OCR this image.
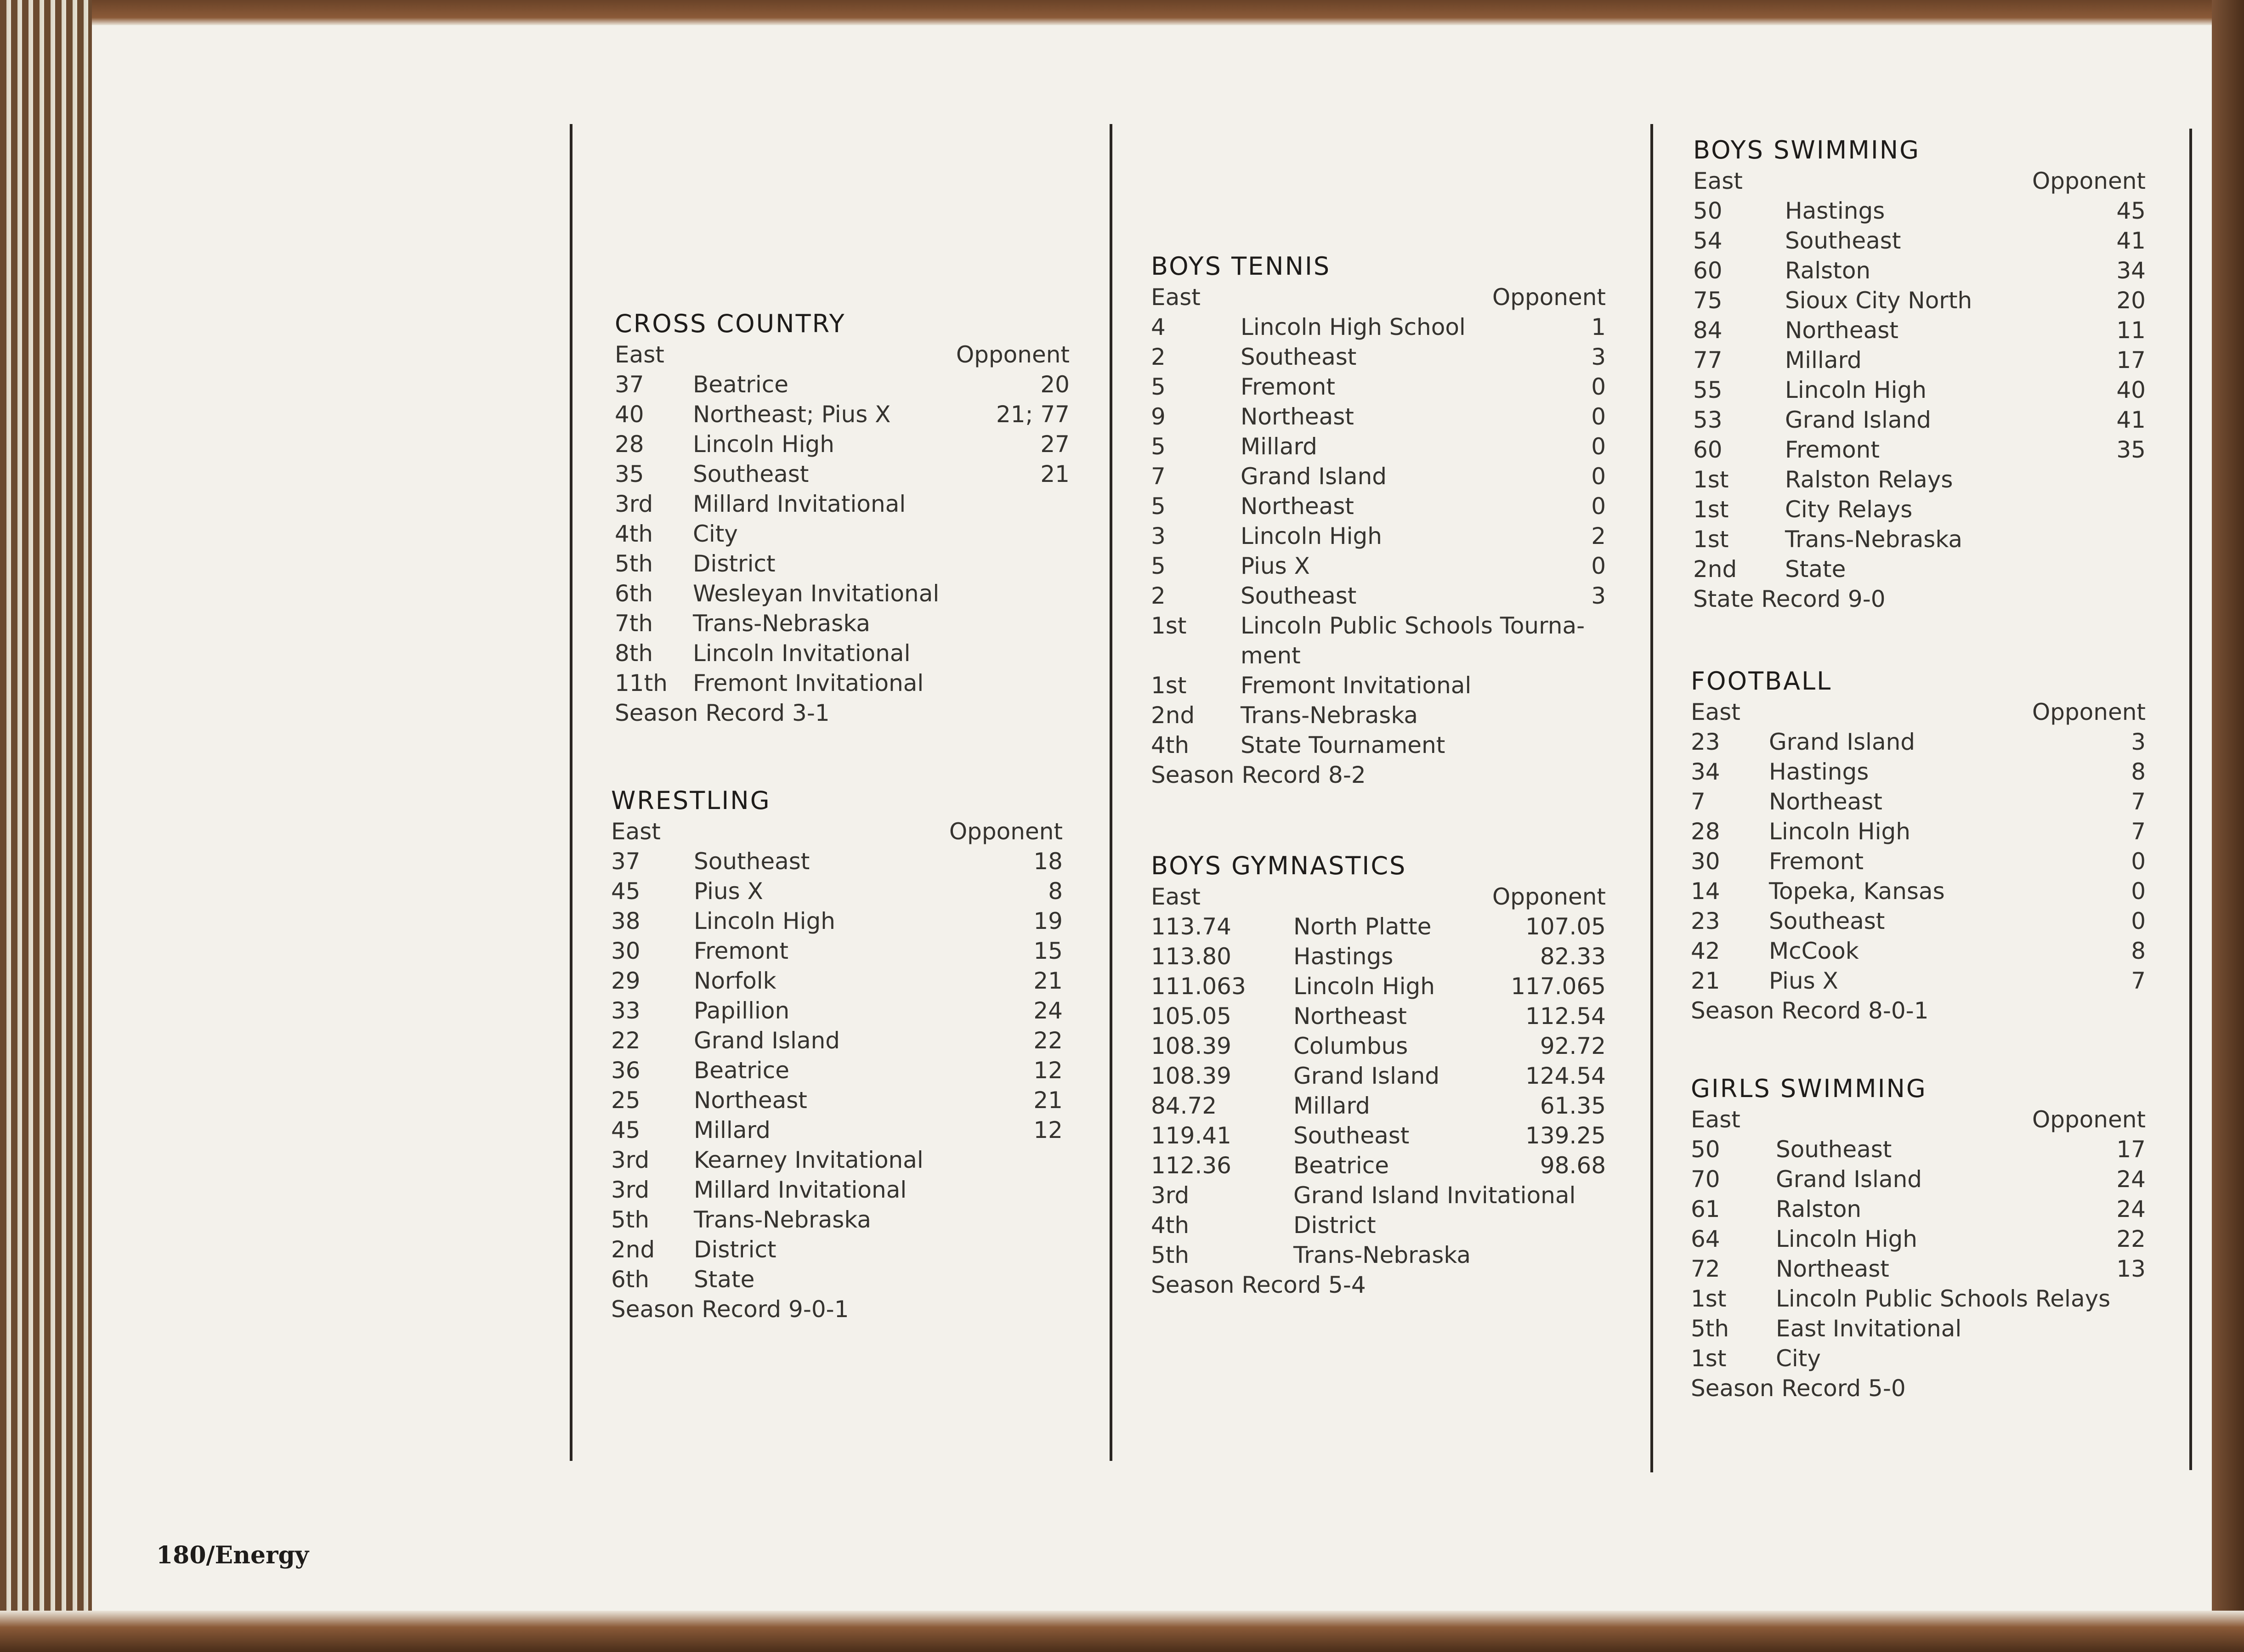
CROSS COUNTRY
East	Opponent
37 Beatrice	20
40 Northeast; Pius X	21; 77
28 Lincoln High	27
35 Southeast	21
3rd Millard Invitational
4th City
5th District
6th Wesleyan Invitational
7th Trans-Nebraska
8th Lincoln Invitational
11th Fremont Invitational
Season Record 3-1
WRESTLING
East	Opponent
37 Southeast	18
45 Pius X	8
38 Lincoln High	19
30 Fremont	15
29 Norfolk	21
33 Papillion	24
22 Grand Island	22
36 Beatrice	12
25 Northeast	21
45 Millard	12
3rd Kearney Invitational
3rd Millard Invitational
5th Trans-Nebraska
2nd District
6th State
Season Record 9-0-1
BOYS TENNIS
East	Opponent
4	Lincoln High School	1
2	Southeast	3
5	Fremont	0
9	Northeast	0
5	Millard	0
7	Grand Island	0
5	Northeast	0
3	Lincoln High	2
5	Pius X	0
2	Southeast	3
1st Lincoln Public Schools Tourna-
ment
1st Fremont Invitational
2nd Trans-Nebraska
4th State Tournament
Season Record 8-2
BOYS GYMNASTICS
East	Opponent
113.74	North Platte	107.05
113.80	Hastings	82.33
111.063 Lincoln High	117.065
105.05	Northeast	112.54
108.39	Columbus	92.72
108.39	Grand Island	124.54
84.72	Millard	61.35
119.41	Southeast	139.25
112.36	Beatrice	98.68
3rd	Grand Island Invitational
4th	District
5th	Trans-Nebraska
Season Record 5-4
BOYS SWIMMING
East	Opponent
50	Hastings	45
54	Southeast	41
60	Ralston	34
75	Sioux City North	20
84	Northeast	11
77	Millard	17
55	Lincoln High	40
53	Grand Island	41
60	Fremont	35
1st Ralston Relays
1st City Relays
1st Trans-Nebraska
2nd State
State Record 9-0
FOOTBALL
East	Opponent
23 Grand Island	3
34 Hastings	8
7	Northeast	7
28 Lincoln High	7
30 Fremont	0
14 Topeka, Kansas	0
23 Southeast	0
42 McCook	8
21 Pius X	7
Season Record 8-0-1
GIRLS SWIMMING
East	Opponent
50 Southeast	17
70 Grand Island	24
61 Ralston	24
64 Lincoln High	22
72 Northeast	13
1st Lincoln Public Schools Relays
5th East Invitational
1st City
Season Record 5-0
180/Energy
